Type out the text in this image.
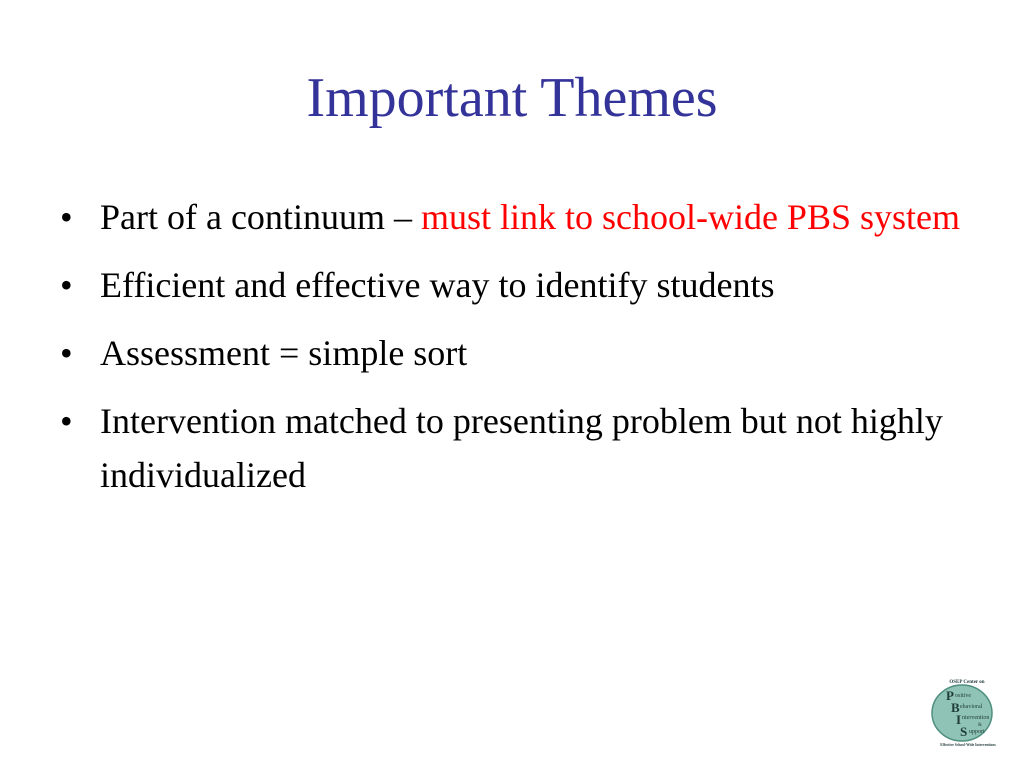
Important Themes
• Part of a continuum – must link to school-wide PBS system
• Efficient and effective way to identify students
• Assessment = simple sort
• Intervention matched to presenting problem but not highly individualized
OSEP Center on
P ositive
B ehavioral
I ntervention
&
S upport
Effective School-Wide Interventions
